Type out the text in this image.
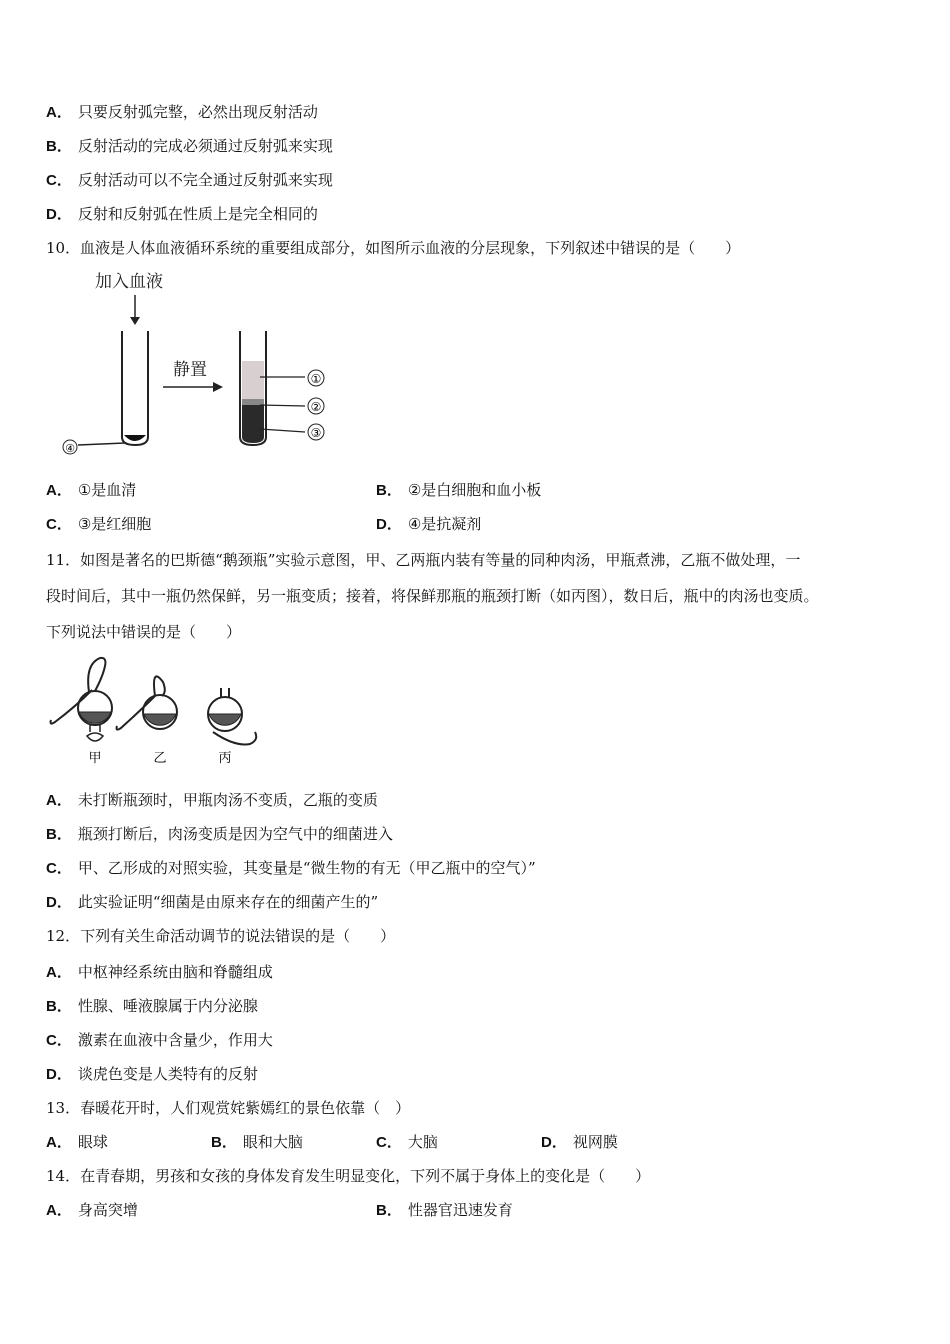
A． 只要反射弧完整，必然出现反射活动
B． 反射活动的完成必须通过反射弧来实现
C． 反射活动可以不完全通过反射弧来实现
D． 反射和反射弧在性质上是完全相同的
10．血液是人体血液循环系统的重要组成部分，如图所示血液的分层现象，下列叙述中错误的是（　　）
加入血液
④
静置	①
②
③
A． ①是血清	B． ②是白细胞和血小板
C． ③是红细胞	D． ④是抗凝剂
11．如图是著名的巴斯德“鹅颈瓶”实验示意图，甲、乙两瓶内装有等量的同种肉汤，甲瓶煮沸，乙瓶不做处理，一
段时间后，其中一瓶仍然保鲜，另一瓶变质；接着，将保鲜那瓶的瓶颈打断（如丙图），数日后，瓶中的肉汤也变质。
下列说法中错误的是（　　）
甲	乙	丙
A． 未打断瓶颈时，甲瓶肉汤不变质，乙瓶的变质
B． 瓶颈打断后，肉汤变质是因为空气中的细菌进入
C． 甲、乙形成的对照实验，其变量是“微生物的有无（甲乙瓶中的空气）”
D． 此实验证明“细菌是由原来存在的细菌产生的”
12．下列有关生命活动调节的说法错误的是（　　）
A． 中枢神经系统由脑和脊髓组成
B． 性腺、唾液腺属于内分泌腺
C． 激素在血液中含量少，作用大
D． 谈虎色变是人类特有的反射
13．春暖花开时，人们观赏姹紫嫣红的景色依靠（　）
A． 眼球	B． 眼和大脑	C． 大脑	D． 视网膜
14．在青春期，男孩和女孩的身体发育发生明显变化，下列不属于身体上的变化是（　　）
A． 身高突增	B． 性器官迅速发育
